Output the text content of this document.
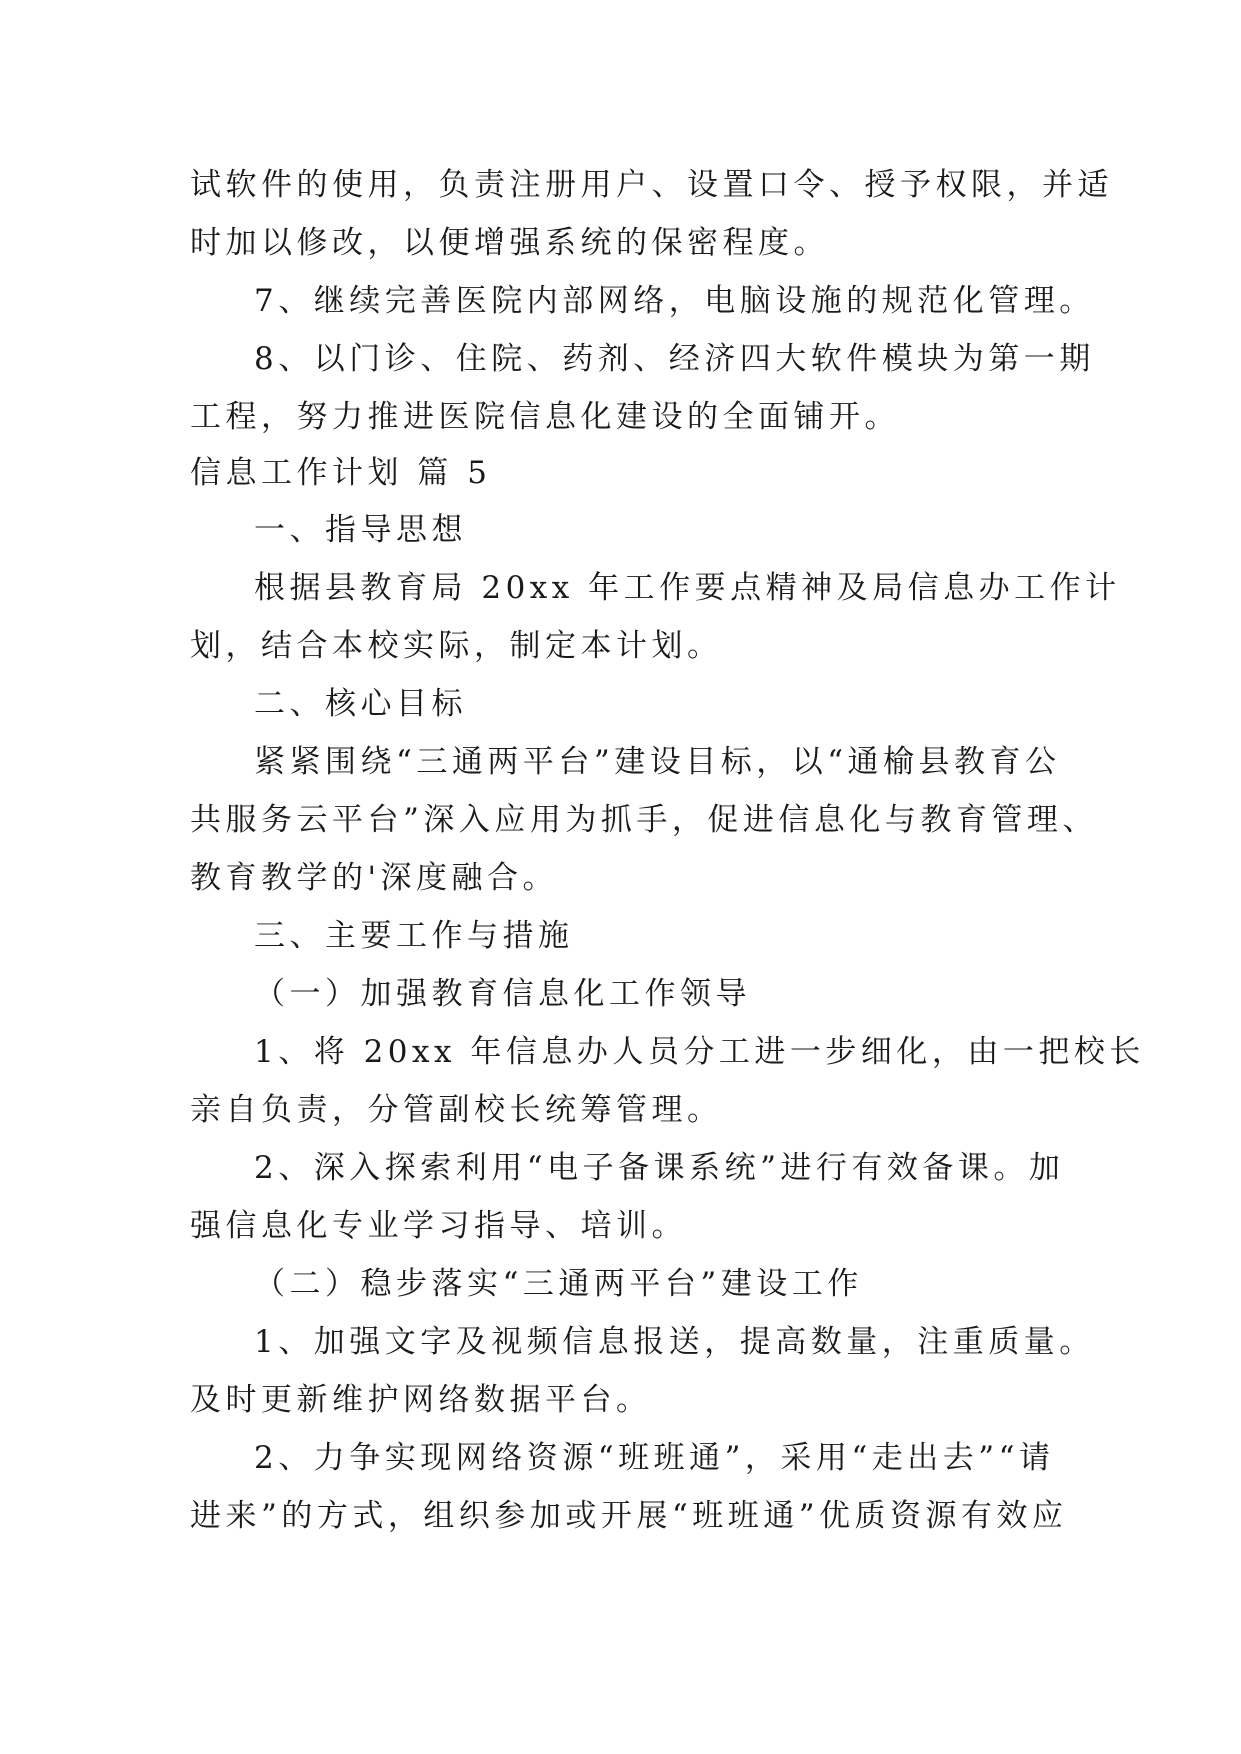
试软件的使用，负责注册用户、设置口令、授予权限，并适
时加以修改，以便增强系统的保密程度。
7、继续完善医院内部网络，电脑设施的规范化管理。
8、以门诊、住院、药剂、经济四大软件模块为第一期
工程，努力推进医院信息化建设的全面铺开。
信息工作计划 篇 5
一、指导思想
根据县教育局 20xx 年工作要点精神及局信息办工作计
划，结合本校实际，制定本计划。
二、核心目标
紧紧围绕“三通两平台”建设目标，以“通榆县教育公
共服务云平台”深入应用为抓手，促进信息化与教育管理、
教育教学的'深度融合。
三、主要工作与措施
（一）加强教育信息化工作领导
1、将 20xx 年信息办人员分工进一步细化，由一把校长
亲自负责，分管副校长统筹管理。
2、深入探索利用“电子备课系统”进行有效备课。加
强信息化专业学习指导、培训。
（二）稳步落实“三通两平台”建设工作
1、加强文字及视频信息报送，提高数量，注重质量。
及时更新维护网络数据平台。
2、力争实现网络资源“班班通”，采用“走出去”“请
进来”的方式，组织参加或开展“班班通”优质资源有效应
